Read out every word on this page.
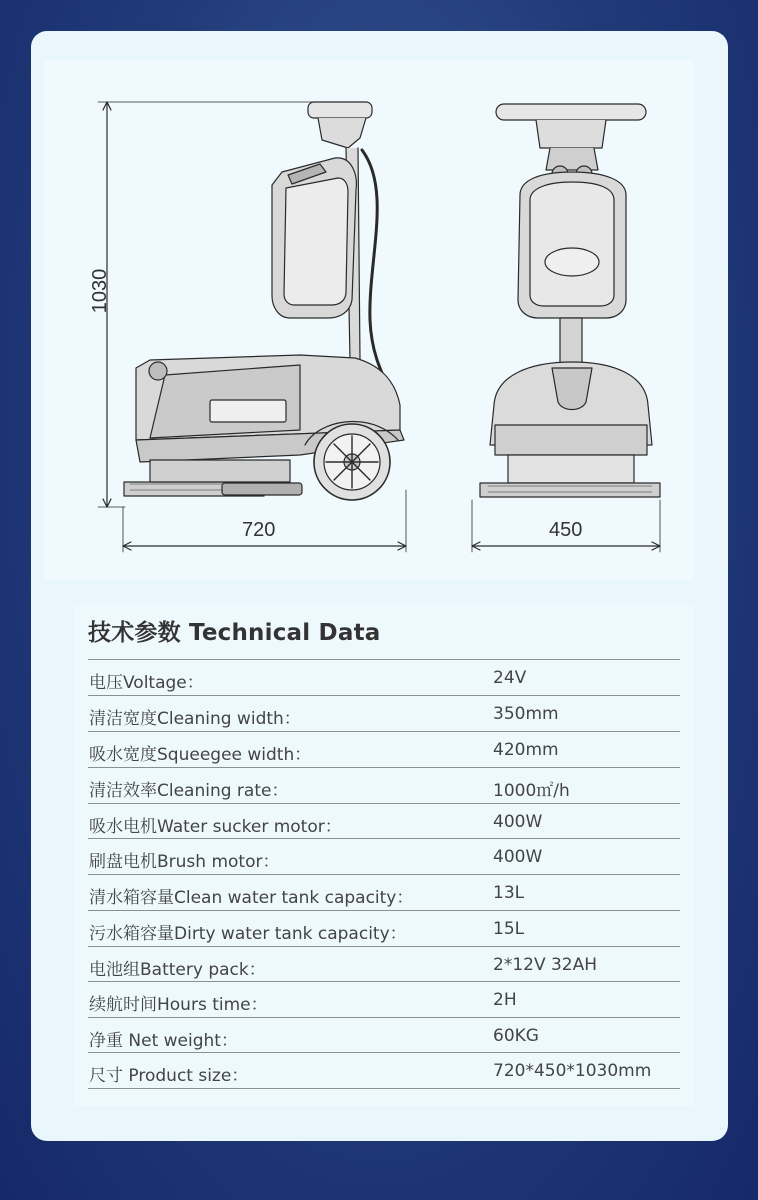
1030
720	450
技术参数 Technical Data
电压Voltage：	24V
清洁宽度Cleaning width：	350mm
吸水宽度Squeegee width：	420mm
清洁效率Cleaning rate：	1000㎡/h
吸水电机Water sucker motor：	400W
刷盘电机Brush motor：	400W
清水箱容量Clean water tank capacity：	13L
污水箱容量Dirty water tank capacity：	15L
电池组Battery pack：	2*12V 32AH
续航时间Hours time：	2H
净重 Net weight：	60KG
尺寸 Product size：	720*450*1030mm
